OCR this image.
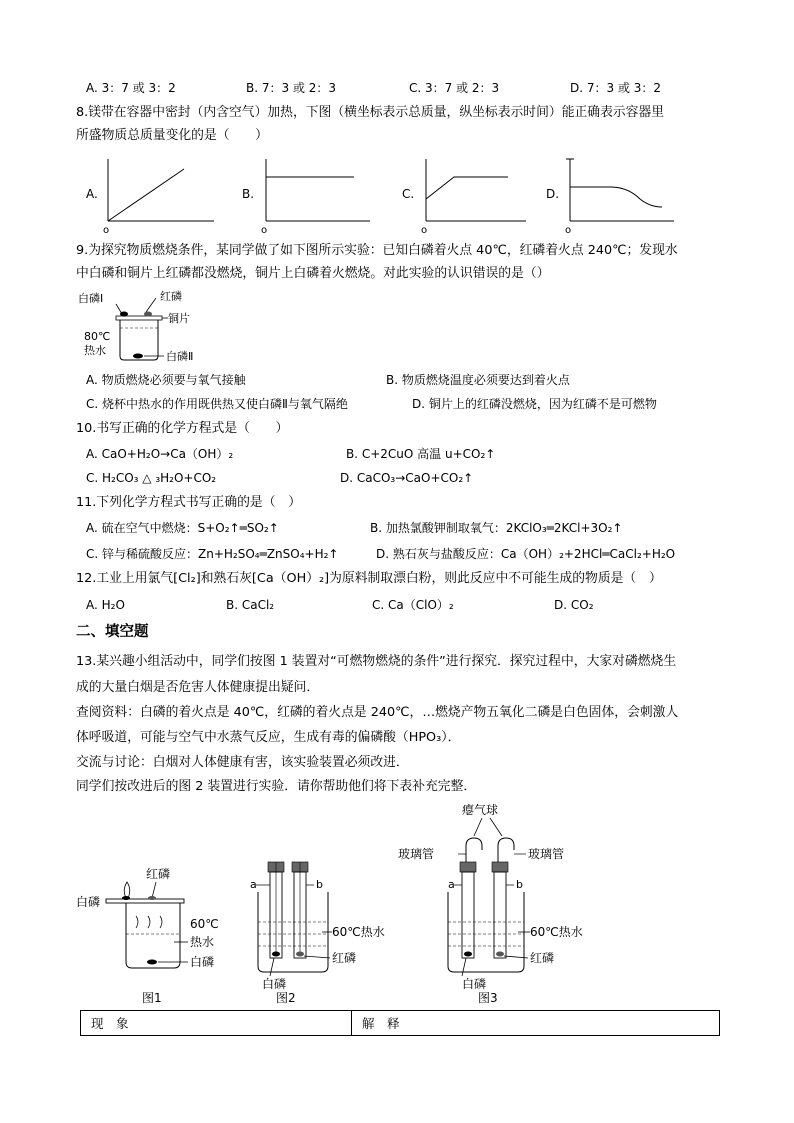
A. 3：7 或 3：2	B. 7：3 或 2：3	C. 3：7 或 2：3	D. 7：3 或 3：2
8.镁带在容器中密封（内含空气）加热，下图（横坐标表示总质量，纵坐标表示时间）能正确表示容器里
所盛物质总质量变化的是（　　）
A.
o
B.
o
C.
o
D.
o
9.为探究物质燃烧条件，某同学做了如下图所示实验：已知白磷着火点 40℃，红磷着火点 240℃；发现水
中白磷和铜片上红磷都没燃烧，铜片上白磷着火燃烧。对此实验的认识错误的是（）
白磷Ⅰ	红磷
铜片
80℃
热水	白磷Ⅱ
A. 物质燃烧必须要与氧气接触	B. 物质燃烧温度必须要达到着火点
C. 烧杯中热水的作用既供热又使白磷Ⅱ与氧气隔绝	D. 铜片上的红磷没燃烧，因为红磷不是可燃物
10.书写正确的化学方程式是（　　）
A. CaO+H₂O→Ca（OH）₂	B. C+2CuO 高温 u+CO₂↑
C. H₂CO₃ △ ₃H₂O+CO₂	D. CaCO₃→CaO+CO₂↑
11.下列化学方程式书写正确的是（　）
A. 硫在空气中燃烧：S+O₂↑═SO₂↑	B. 加热氯酸钾制取氧气：2KClO₃═2KCl+3O₂↑
C. 锌与稀硫酸反应：Zn+H₂SO₄═ZnSO₄+H₂↑	D. 熟石灰与盐酸反应：Ca（OH）₂+2HCl═CaCl₂+H₂O
12.工业上用氯气[Cl₂]和熟石灰[Ca（OH）₂]为原料制取漂白粉，则此反应中不可能生成的物质是（　）
A. H₂O	B. CaCl₂	C. Ca（ClO）₂	D. CO₂
二、填空题
13.某兴趣小组活动中，同学们按图 1 装置对“可燃物燃烧的条件”进行探究．探究过程中，大家对磷燃烧生
成的大量白烟是否危害人体健康提出疑问．
查阅资料：白磷的着火点是 40℃，红磷的着火点是 240℃，…燃烧产物五氧化二磷是白色固体，会刺激人
体呼吸道，可能与空气中水蒸气反应，生成有毒的偏磷酸（HPO₃）．
交流与讨论：白烟对人体健康有害，该实验装置必须改进．
同学们按改进后的图 2 装置进行实验．请你帮助他们将下表补充完整．
红磷
白磷
60℃
热水
白磷
图1
a	b
60℃热水
红磷
白磷
图2
瘪气球
玻璃管	玻璃管
a	b
60℃热水
红磷
白磷
图3
现　象	解　释
